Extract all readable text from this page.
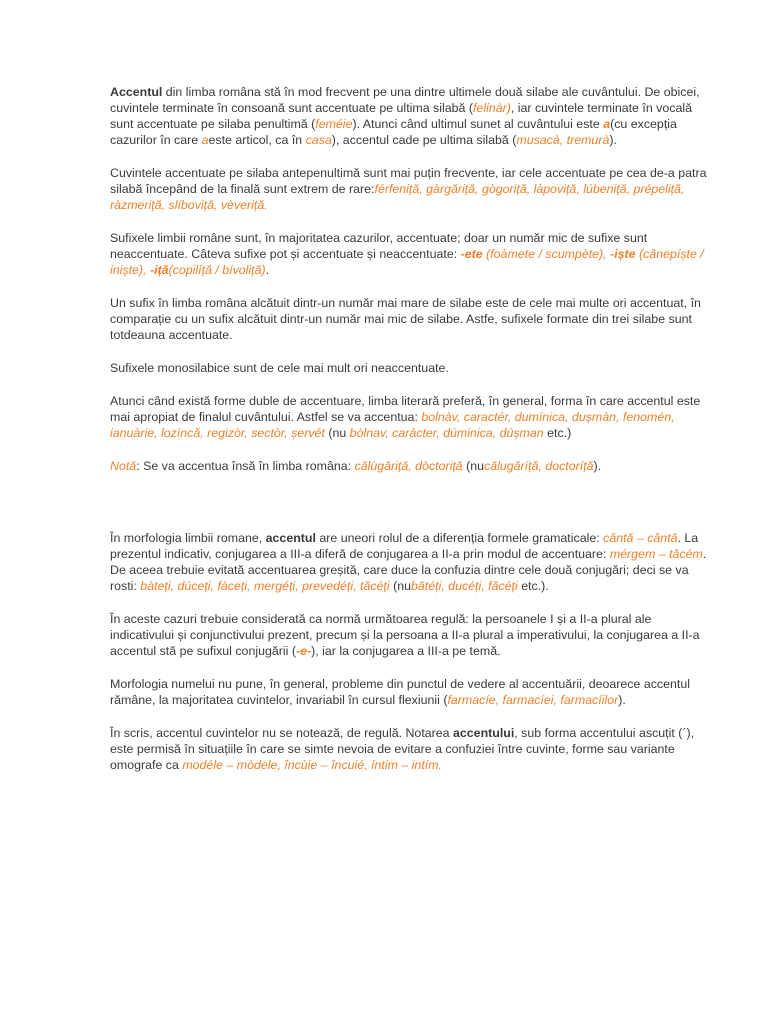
Accentul din limba româna stă în mod frecvent pe una dintre ultimele două silabe ale cuvântului. De obicei, cuvintele terminate în consoană sunt accentuate pe ultima silabă (felinàr), iar cuvintele terminate în vocală sunt accentuate pe silaba penultimă (feméie). Atunci când ultimul sunet al cuvântului este a(cu excepția cazurilor în care aeste articol, ca în casa), accentul cade pe ultima silabă (musacà, tremurà).

Cuvintele accentuate pe silaba antepenultimă sunt mai puțin frecvente, iar cele accentuate pe cea de-a patra silabă începând de la finală sunt extrem de rare:férfeniță, gàrgăriță, gògoriță, làpoviță, lúbeniță, prépeliță, ràzmeriță, slíboviță, vèveriță.

Sufixele limbii române sunt, în majoritatea cazurilor, accentuate; doar un număr mic de sufixe sunt neaccentuate. Câteva sufixe pot și accentuate și neaccentuate: -ete (foàmete / scumpète), -ișt​e (cânepíște / iniște), -iță(copilíță / bívoliță).

Un sufix în limba româna alcătuit dintr-un număr mai mare de silabe este de cele mai multe ori accentuat, în comparație cu un sufix alcătuit dintr-un număr mai mic de silabe. Astfe, sufixele formate din trei silabe sunt totdeauna accentuate.

Sufixele monosilabice sunt de cele mai mult ori neaccentuate.

Atunci când există forme duble de accentuare, limba literară preferă, în general, forma în care accentul este mai apropiat de finalul cuvântului. Astfel se va accentua: bolnàv, caractér, dumínica, dușmàn, fenomén, ianuàrie, lozíncă, regizòr, sectòr, șervét (nu bòlnav, caràcter, dúminica, dúșman etc.)

Notă: Se va accentua însă în limba româna: călùgăriță, dòctoriță (nucălugăríță, doctoríță).

În morfologia limbii romane, accentul are uneori rolul de a diferenția formele gramaticale: cântă – cântă. La prezentul indicativ, conjugarea a III-a diferă de conjugarea a II-a prin modul de accentuare: mérgem – tăcém. De aceea trebuie evitată accentuarea greșită, care duce la confuzia dintre cele două conjugări; deci se va rosti: bàteți, dúceți, fàceți, mergéți, prevedéți, tăcéți (nubătéți, ducéți, făcéți etc.).

În aceste cazuri trebuie considerată ca normă următoarea regulă: la persoanele I și a II-a plural ale indicativului și conjunctivului prezent, precum și la persoana a II-a plural a imperativului, la conjugarea a II-a accentul stă pe sufixul conjugării (-e-), iar la conjugarea a III-a pe temă.

Morfologia numelui nu pune, în general, probleme din punctul de vedere al accentuării, deoarece accentul rămâne, la majoritatea cuvintelor, invariabil în cursul flexiunii (farmacíe, farmacíei, farmacíilor).

În scris, accentul cuvintelor nu se notează, de regulă. Notarea accentului, sub forma accentului ascuțit (´), este permisă în situațiile în care se simte nevoia de evitare a confuziei între cuvinte, forme sau variante omografe ca modéle – mòdele, încùie – încuié, íntim – intím.
